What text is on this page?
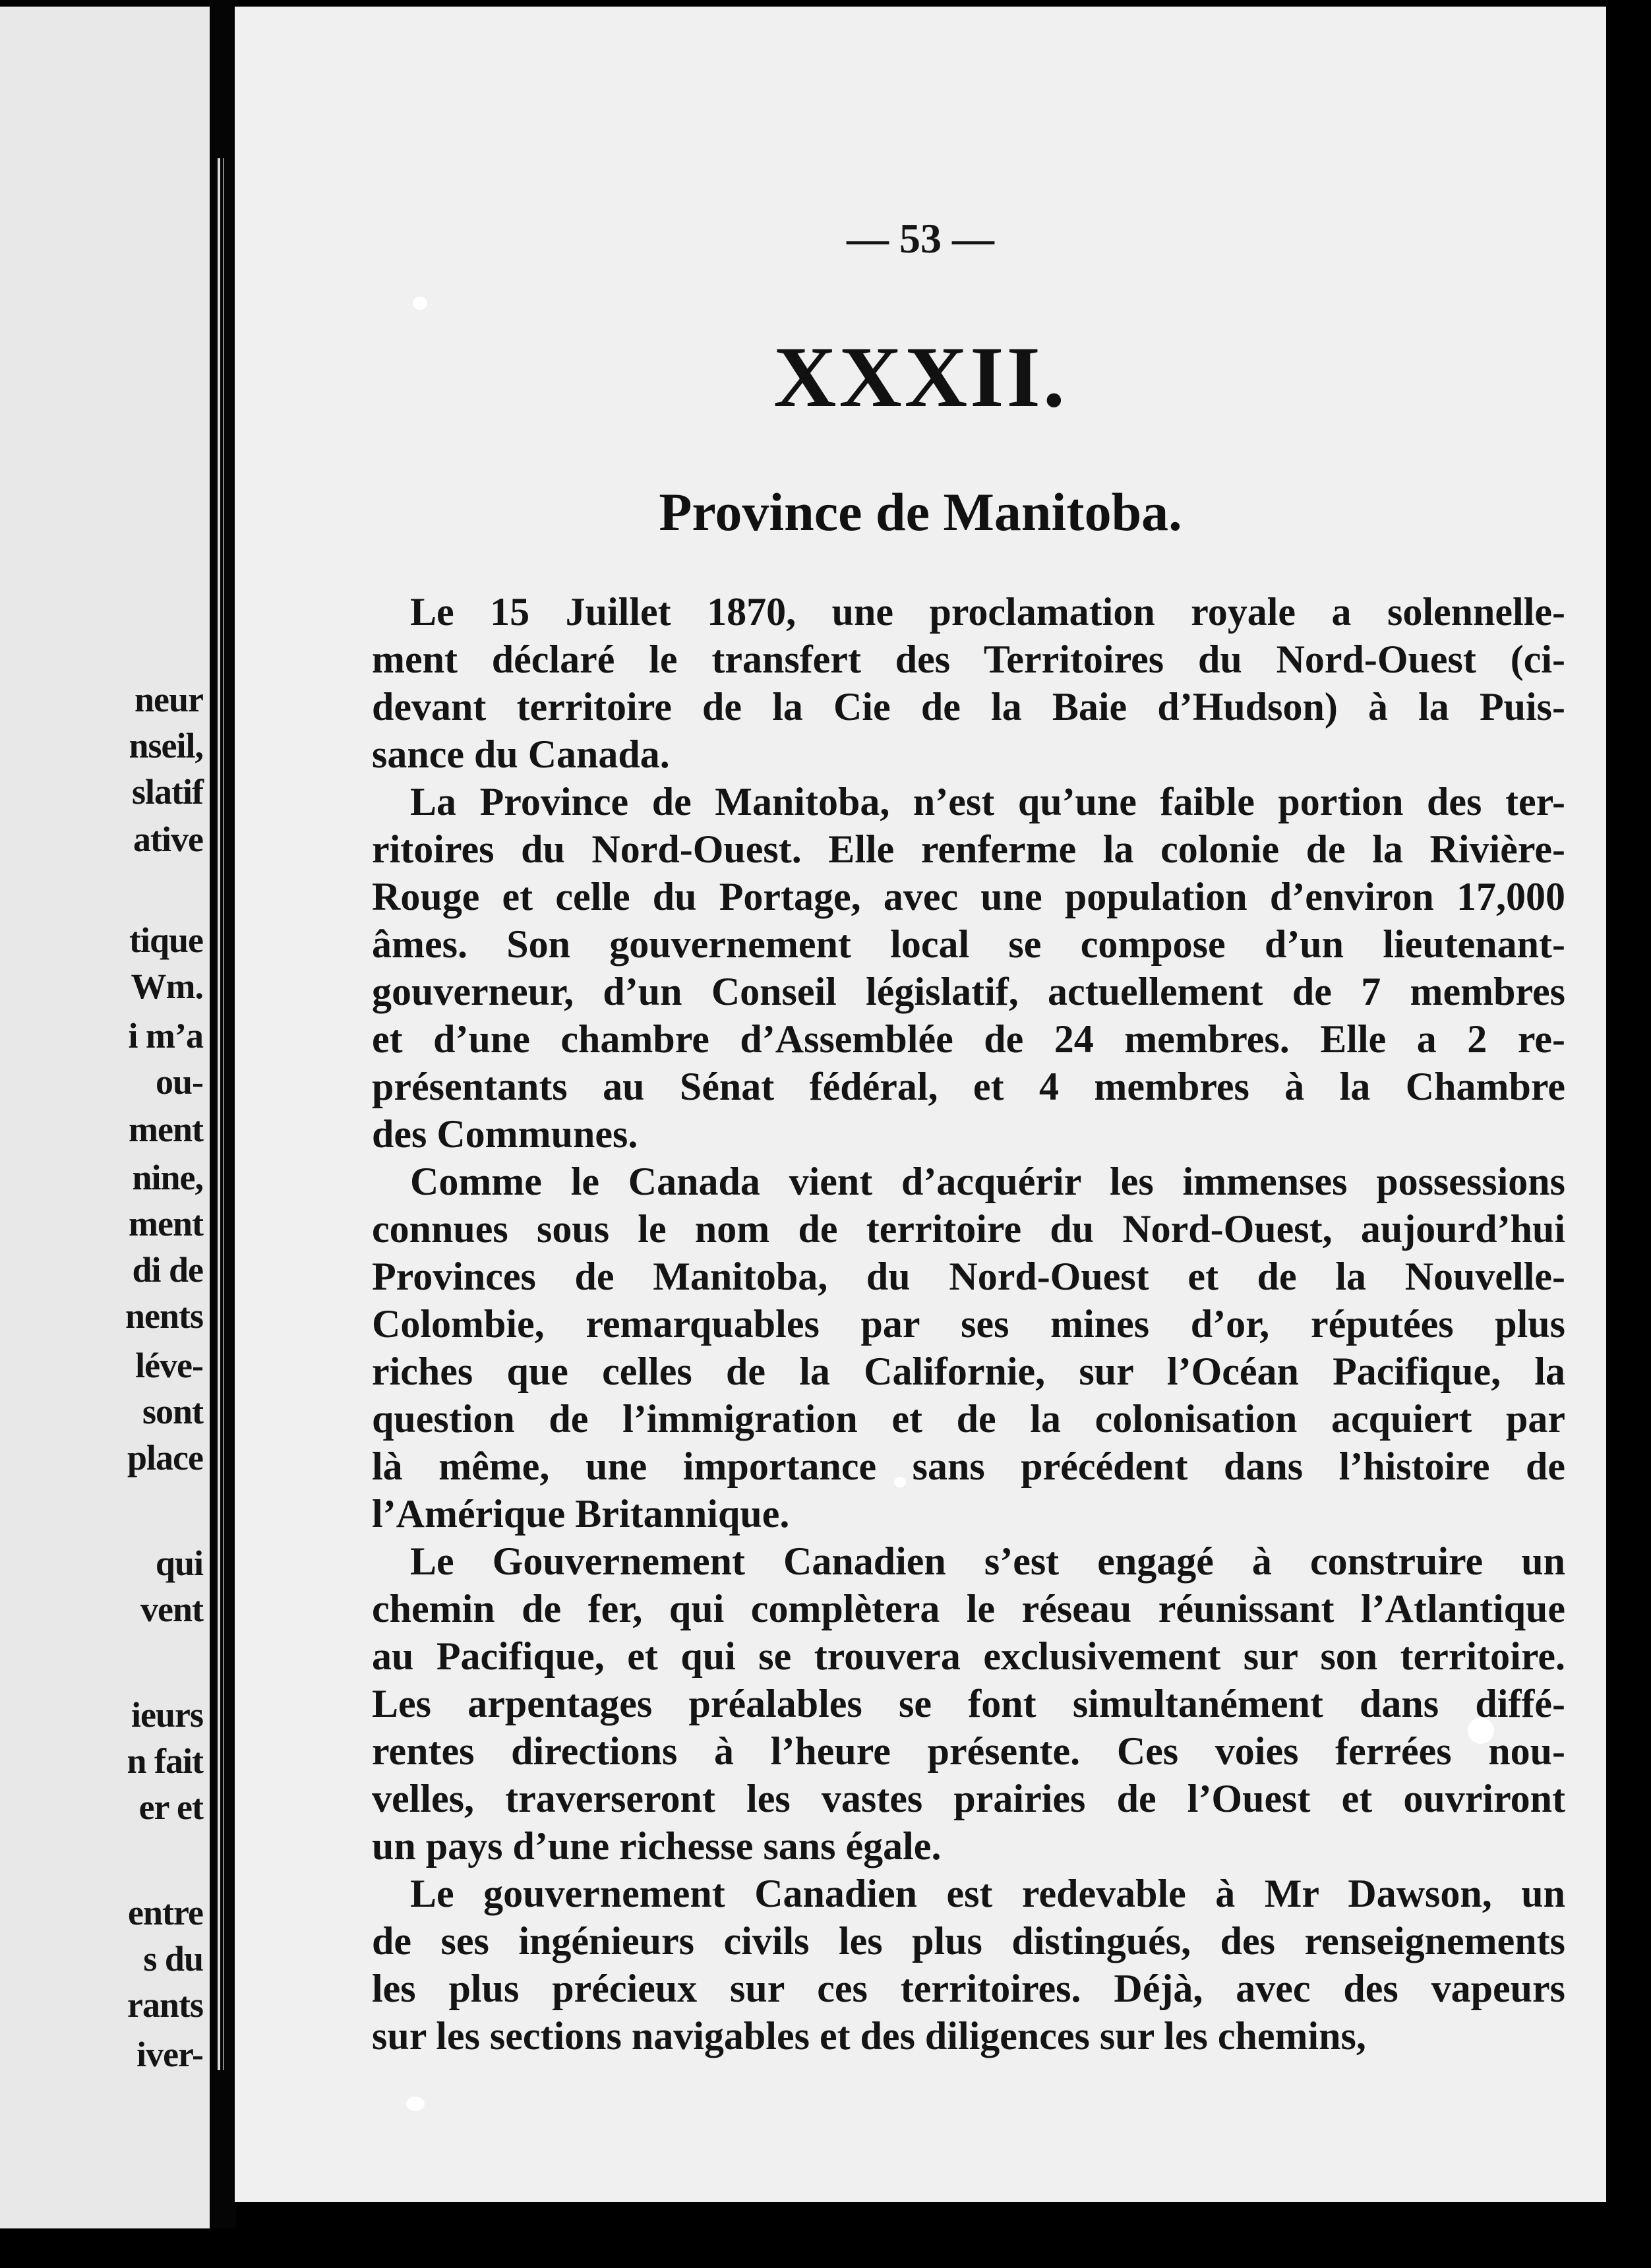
neur
nseil,
slatif
ative
tique
Wm.
i m’a
ou-
ment
nine,
ment
di de
nents
léve-
sont
place
qui
vent
ieurs
n fait
er et
entre
s du
rants
iver-
— 53 —
XXXII.
Province de Manitoba.
Le 15 Juillet 1870, une proclamation royale a solennelle-
ment déclaré le transfert des Territoires du Nord-Ouest (ci-
devant territoire de la Cie de la Baie d’Hudson) à la Puis-
sance du Canada.
La Province de Manitoba, n’est qu’une faible portion des ter-
ritoires du Nord-Ouest. Elle renferme la colonie de la Rivière-
Rouge et celle du Portage, avec une population d’environ 17,000
âmes. Son gouvernement local se compose d’un lieutenant-
gouverneur, d’un Conseil législatif, actuellement de 7 membres
et d’une chambre d’Assemblée de 24 membres. Elle a 2 re-
présentants au Sénat fédéral, et 4 membres à la Chambre
des Communes.
Comme le Canada vient d’acquérir les immenses possessions
connues sous le nom de territoire du Nord-Ouest, aujourd’hui
Provinces de Manitoba, du Nord-Ouest et de la Nouvelle-
Colombie, remarquables par ses mines d’or, réputées plus
riches que celles de la Californie, sur l’Océan Pacifique, la
question de l’immigration et de la colonisation acquiert par
là même, une importance sans précédent dans l’histoire de
l’Amérique Britannique.
Le Gouvernement Canadien s’est engagé à construire un
chemin de fer, qui complètera le réseau réunissant l’Atlantique
au Pacifique, et qui se trouvera exclusivement sur son territoire.
Les arpentages préalables se font simultanément dans diffé-
rentes directions à l’heure présente. Ces voies ferrées nou-
velles, traverseront les vastes prairies de l’Ouest et ouvriront
un pays d’une richesse sans égale.
Le gouvernement Canadien est redevable à Mr Dawson, un
de ses ingénieurs civils les plus distingués, des renseignements
les plus précieux sur ces territoires. Déjà, avec des vapeurs
sur les sections navigables et des diligences sur les chemins,
